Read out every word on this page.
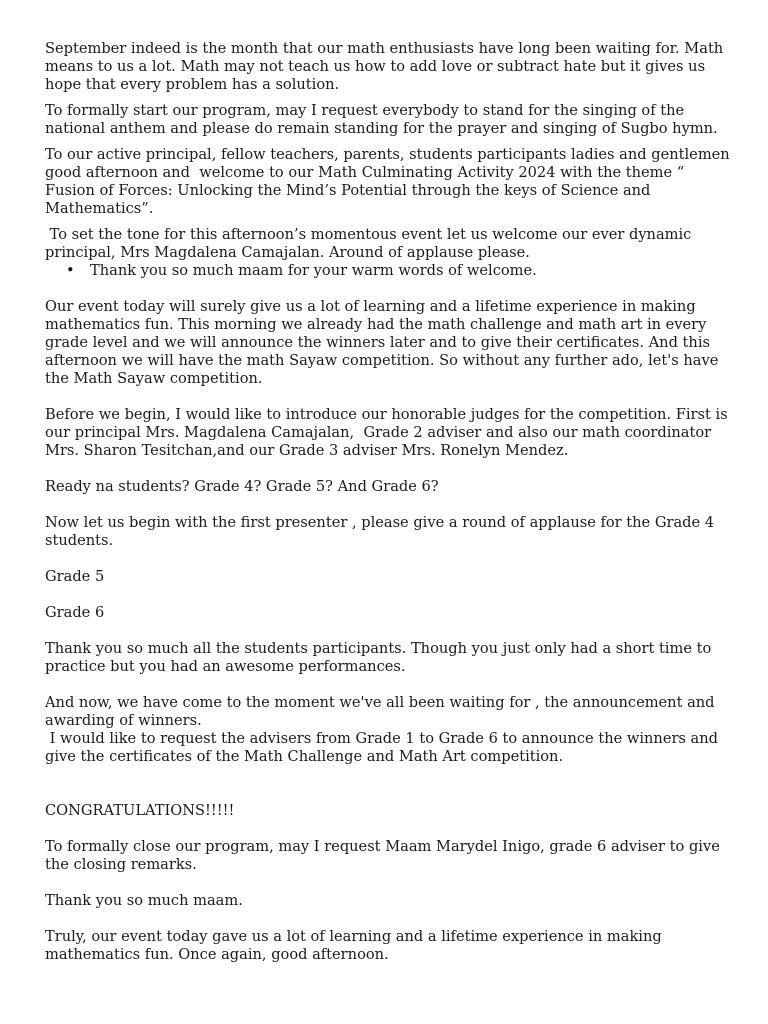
September indeed is the month that our math enthusiasts have long been waiting for. Math means to us a lot. Math may not teach us how to add love or subtract hate but it gives us hope that every problem has a solution.

To formally start our program, may I request everybody to stand for the singing of the national anthem and please do remain standing for the prayer and singing of Sugbo hymn.

To our active principal, fellow teachers, parents, students participants ladies and gentlemen good afternoon and  welcome to our Math Culminating Activity 2024 with the theme “ Fusion of Forces: Unlocking the Mind’s Potential through the keys of Science and Mathematics”.

To set the tone for this afternoon’s momentous event let us welcome our ever dynamic principal, Mrs Magdalena Camajalan. Around of applause please.

• Thank you so much maam for your warm words of welcome.

Our event today will surely give us a lot of learning and a lifetime experience in making mathematics fun. This morning we already had the math challenge and math art in every grade level and we will announce the winners later and to give their certificates. And this afternoon we will have the math Sayaw competition. So without any further ado, let's have the Math Sayaw competition.

Before we begin, I would like to introduce our honorable judges for the competition. First is our principal Mrs. Magdalena Camajalan,  Grade 2 adviser and also our math coordinator Mrs. Sharon Tesitchan,and our Grade 3 adviser Mrs. Ronelyn Mendez.

Ready na students? Grade 4? Grade 5? And Grade 6?

Now let us begin with the first presenter , please give a round of applause for the Grade 4 students.

Grade 5

Grade 6

Thank you so much all the students participants. Though you just only had a short time to practice but you had an awesome performances.

And now, we have come to the moment we've all been waiting for , the announcement and awarding of winners.

I would like to request the advisers from Grade 1 to Grade 6 to announce the winners and give the certificates of the Math Challenge and Math Art competition.

CONGRATULATIONS!!!!!

To formally close our program, may I request Maam Marydel Inigo, grade 6 adviser to give the closing remarks.

Thank you so much maam.

Truly, our event today gave us a lot of learning and a lifetime experience in making mathematics fun. Once again, good afternoon.
